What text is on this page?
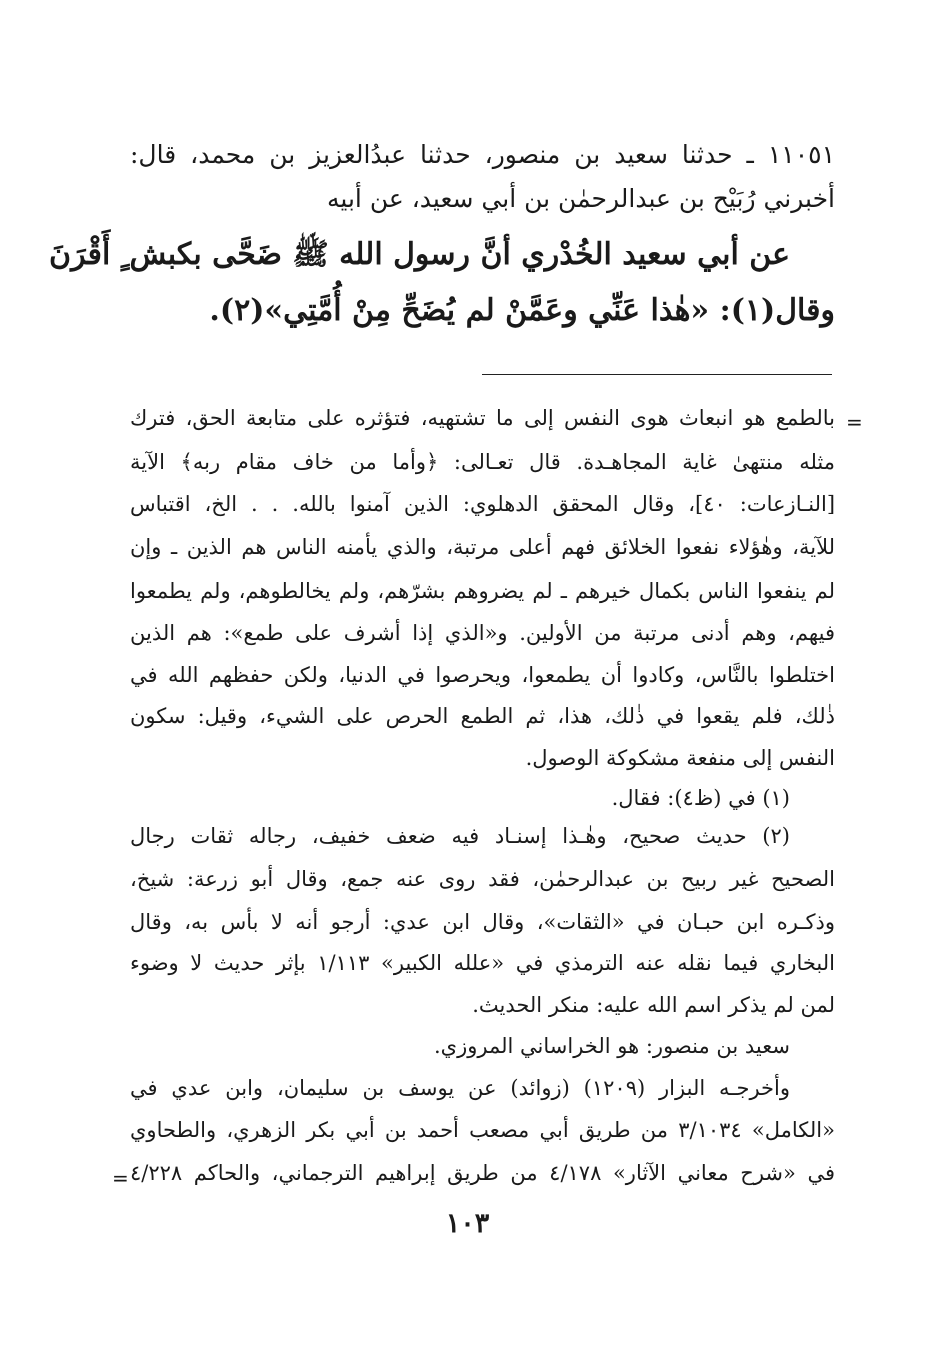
١١٠٥١ ـ حدثنا سعيد بن منصور، حدثنا عبدُالعزيز بن محمد، قال:
أخبرني رُبَيْح بن عبدالرحمٰن بن أبي سعيد، عن أبيه
عن أبي سعيد الخُدْري أنَّ رسول الله ﷺ ضَحَّى بكبش ٍ أَقْرَنَ
وقال(١): «هٰذا عَنِّي وعَمَّنْ لم يُضَحِّ مِنْ أُمَّتِي»(٢).
=
بالطمع هو انبعاث هوى النفس إلى ما تشتهيه، فتؤثره على متابعة الحق، فترك
مثله منتهىٰ غاية المجاهـدة. قال تعـالى: ﴿وأما من خاف مقام ربه﴾ الآية
[النـازعات: ٤٠]، وقال المحقق الدهلوي: الذين آمنوا بالله. . . الخ، اقتباس
للآية، وهٰؤلاء نفعوا الخلائق فهم أعلى مرتبة، والذي يأمنه الناس هم الذين ـ وإن
لم ينفعوا الناس بكمال خيرهم ـ لم يضروهم بشرّهم، ولم يخالطوهم، ولم يطمعوا
فيهم، وهم أدنى مرتبة من الأولين. و«الذي إذا أشرف على طمع»: هم الذين
اختلطوا بالنَّاس، وكادوا أن يطمعوا، ويحرصوا في الدنيا، ولكن حفظهم الله في
ذٰلك، فلم يقعوا في ذٰلك، هذا، ثم الطمع الحرص على الشيء، وقيل: سكون
النفس إلى منفعة مشكوكة الوصول.
(١) في (ظ٤): فقال.
(٢) حديث صحيح، وهٰـذا إسنـاد فيه ضعف خفيف، رجاله ثقات رجال
الصحيح غير ربيح بن عبدالرحمٰن، فقد روى عنه جمع، وقال أبو زرعة: شيخ،
وذكـره ابن حبـان في «الثقات»، وقال ابن عدي: أرجو أنه لا بأس به، وقال
البخاري فيما نقله عنه الترمذي في «علله الكبير» ١/١١٣ بإثر حديث لا وضوء
لمن لم يذكر اسم الله عليه: منكر الحديث.
سعيد بن منصور: هو الخراساني المروزي.
وأخرجـه البزار (١٢٠٩) (زوائد) عن يوسف بن سليمان، وابن عدي في
«الكامل» ٣/١٠٣٤ من طريق أبي مصعب أحمد بن أبي بكر الزهري، والطحاوي
في «شرح معاني الآثار» ٤/١٧٨ من طريق إبراهيم الترجماني، والحاكم ٤/٢٢٨
=
١٠٣
